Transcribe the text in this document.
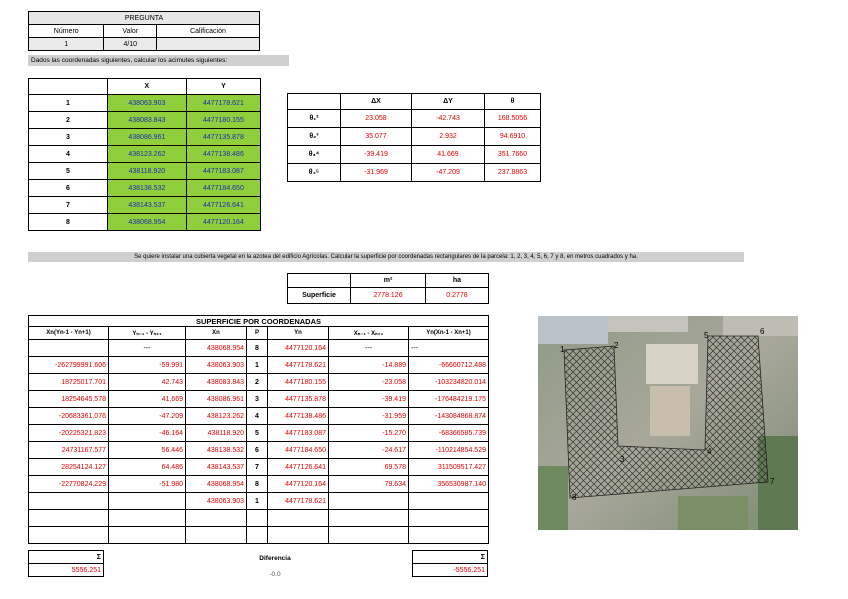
PREGUNTA		
Número	Valor	Calificación
1	4/10	
Dados las coordenadas siguientes, calcular los acimutes siguientes:
	X	Y
1	438063.903	4477178.621
2	438083.843	4477180.155
3	438086.961	4477135.878
4	438123.262	4477138.486
5	438118.920	4477183.087
6	438138.532	4477184.650
7	438143.537	4477126.641
8	438068.954	4477120.164
	ΔX	ΔY	θ
θ₁²	23.058	-42.743	168.5056
θ₂³	35.077	2.932	94.6910
θ₃⁴	-39.419	41.669	351.7660
θ₄⁵	-31.969	-47.209	237.8863
Se quiere instalar una cubierta vegetal en la azotea del edificio Agrícolas. Calcular la superficie por coordenadas rectangulares de la parcela: 1, 2, 3, 4, 5, 6, 7 y 8, en metros cuadrados y ha.
	m²	ha
Superficie	2778.126	0.2778
SUPERFICIE POR COORDENADAS						
Xn(Yn-1 - Yn+1)	Yₙ₋₁ - Yₙ₊₁	Xn	P	Yn	Xₙ₋₁ - Xₙ₊₁	Yn(Xn-1 - Xn+1)
	---	438068.954	8	4477120.164	---	---
-262799991.606	-59.991	438063.903	1	4477178.621	-14.889	-66660712.488
18725017.701	42.743	438083.843	2	4477180.155	-23.058	-103234820.014
18254645.578	41.669	438086.961	3	4477135.878	-39.419	-176484219.175
-20683361.076	-47.209	438123.262	4	4477138.486	-31.959	-143084868.874
-20225321.823	-46.164	438118.920	5	4477183.087	-15.270	-68366585.739
24731167.577	56.446	438138.532	6	4477184.650	-24.617	-110214854.529
28254124.127	64.486	438143.537	7	4477126.641	69.578	311509517.427
-22770824.229	-51.980	438068.954	8	4477120.164	79.634	356530987.140
		438063.903	1	4477178.621		

Σ
5556.251
Diferencia
-0.0
Σ
-5556.251
1	2
3
4
5	6
7
8
